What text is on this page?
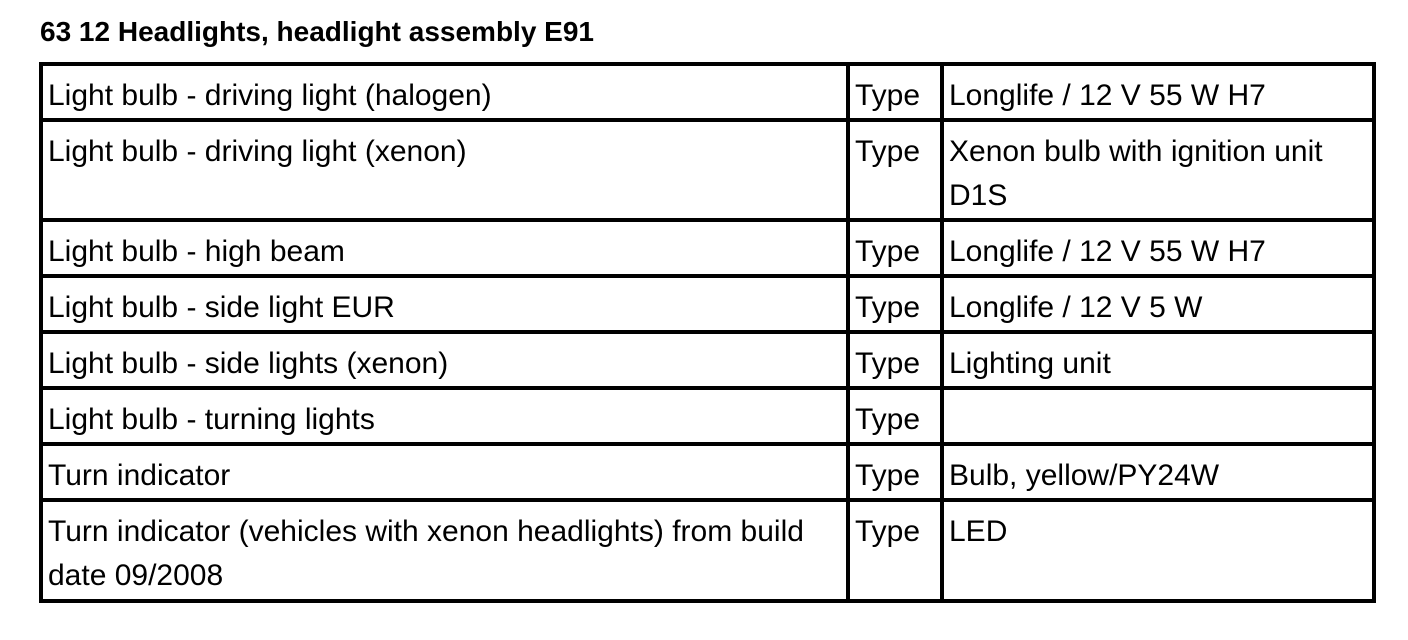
63 12 Headlights, headlight assembly E91
Light bulb - driving light (halogen)	Type	Longlife / 12 V 55 W H7
Light bulb - driving light (xenon)	Type	Xenon bulb with ignition unit D1S
Light bulb - high beam	Type	Longlife / 12 V 55 W H7
Light bulb - side light EUR	Type	Longlife / 12 V 5 W
Light bulb - side lights (xenon)	Type	Lighting unit
Light bulb - turning lights	Type	
Turn indicator	Type	Bulb, yellow/PY24W
Turn indicator (vehicles with xenon headlights) from build date 09/2008	Type	LED
